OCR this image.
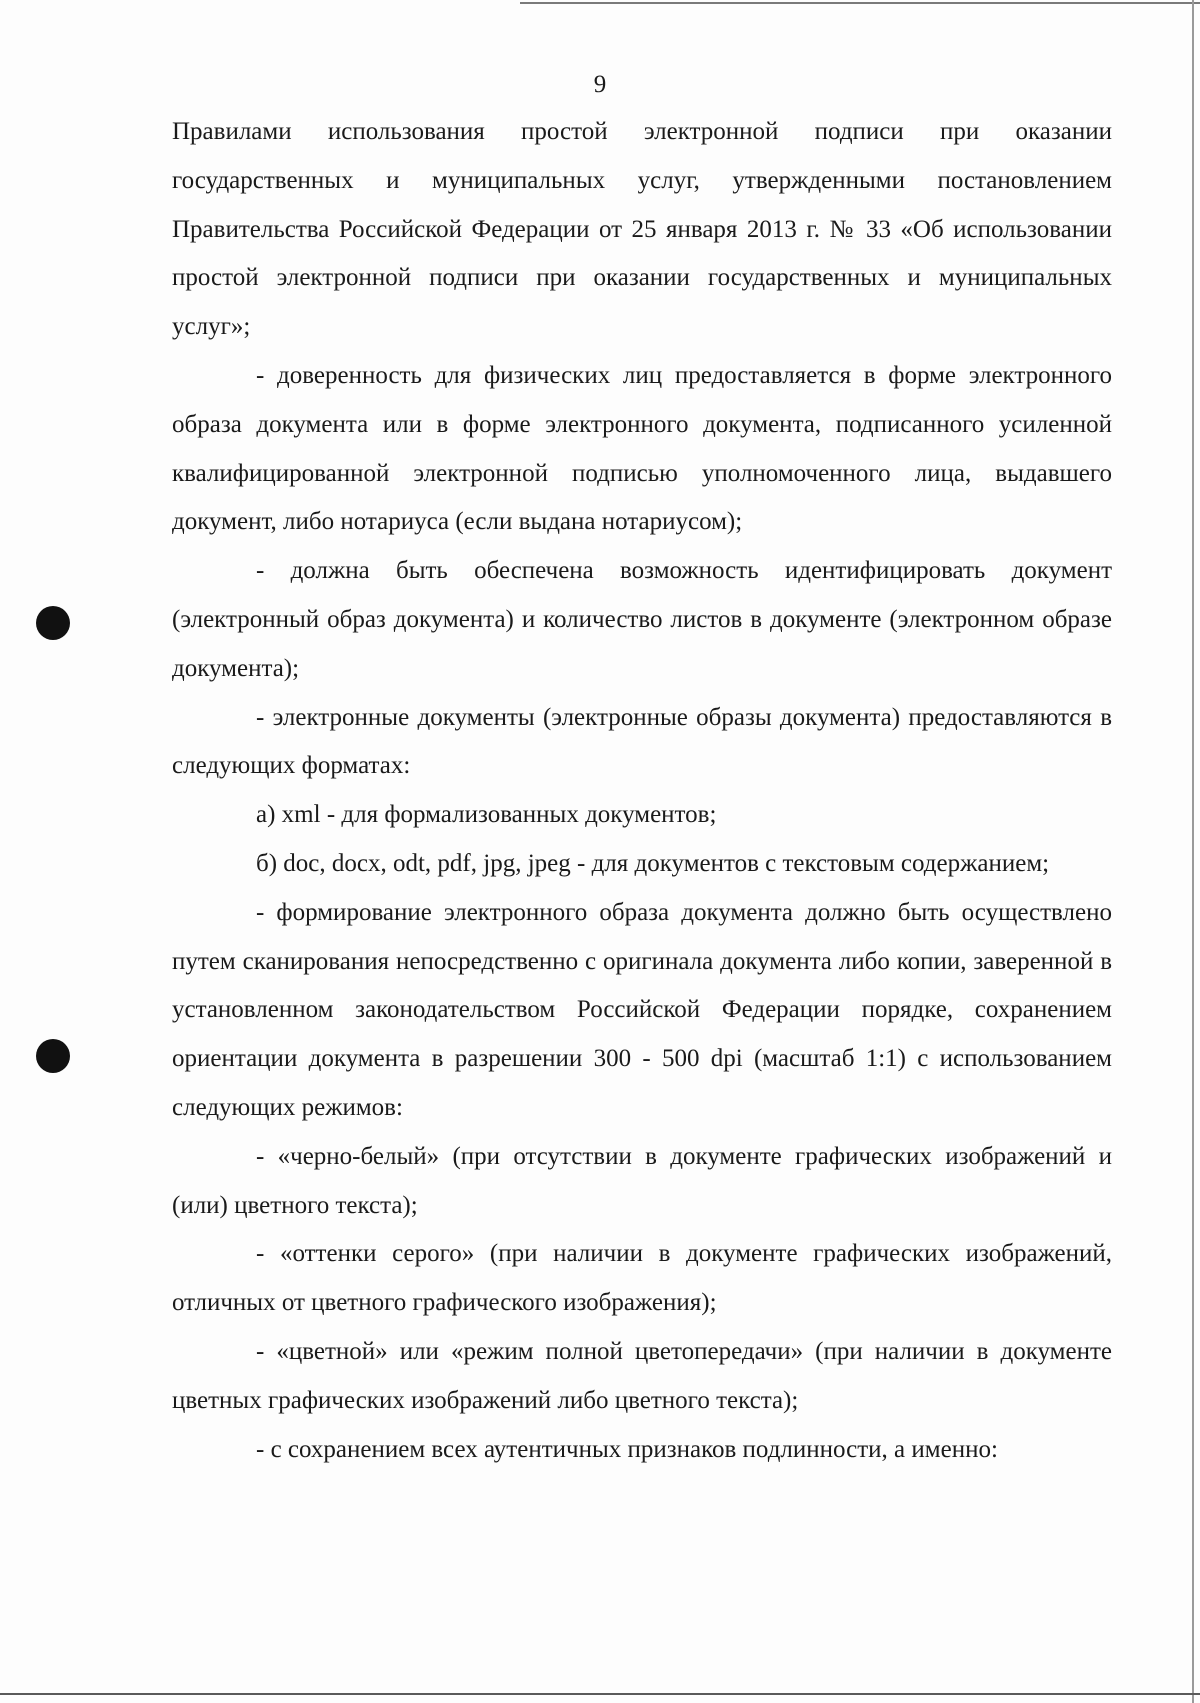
9

Правилами использования простой электронной подписи при оказании государственных и муниципальных услуг, утвержденными постановлением Правительства Российской Федерации от 25 января 2013 г. № 33 «Об использовании простой электронной подписи при оказании государственных и муниципальных услуг»;

- доверенность для физических лиц предоставляется в форме электронного образа документа или в форме электронного документа, подписанного усиленной квалифицированной электронной подписью уполномоченного лица, выдавшего документ, либо нотариуса (если выдана нотариусом);

- должна быть обеспечена возможность идентифицировать документ (электронный образ документа) и количество листов в документе (электронном образе документа);

- электронные документы (электронные образы документа) предоставляются в следующих форматах:

а) xml - для формализованных документов;

б) doc, docx, odt, pdf, jpg, jpeg - для документов с текстовым содержанием;

- формирование электронного образа документа должно быть осуществлено путем сканирования непосредственно с оригинала документа либо копии, заверенной в установленном законодательством Российской Федерации порядке, сохранением ориентации документа в разрешении 300 - 500 dpi (масштаб 1:1) с использованием следующих режимов:

- «черно-белый» (при отсутствии в документе графических изображений и (или) цветного текста);

- «оттенки серого» (при наличии в документе графических изображений, отличных от цветного графического изображения);

- «цветной» или «режим полной цветопередачи» (при наличии в документе цветных графических изображений либо цветного текста);

- с сохранением всех аутентичных признаков подлинности, а именно:
